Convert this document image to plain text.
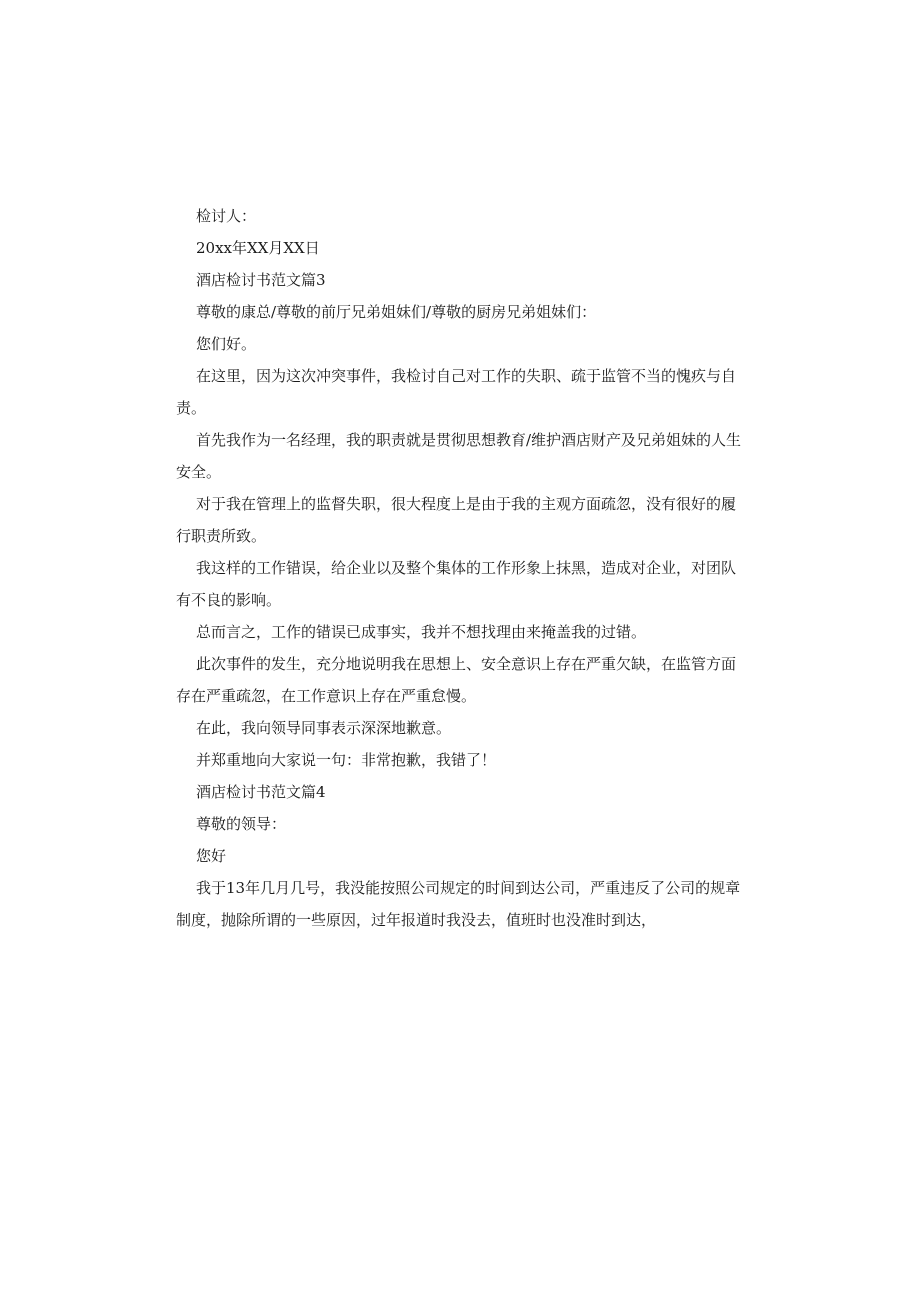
检讨人：
20xx年XX月XX日
酒店检讨书范文篇3
尊敬的康总/尊敬的前厅兄弟姐妹们/尊敬的厨房兄弟姐妹们：
您们好。
在这里，因为这次冲突事件，我检讨自己对工作的失职、疏于监管不当的愧疚与自
责。
首先我作为一名经理，我的职责就是贯彻思想教育/维护酒店财产及兄弟姐妹的人生
安全。
对于我在管理上的监督失职，很大程度上是由于我的主观方面疏忽，没有很好的履
行职责所致。
我这样的工作错误，给企业以及整个集体的工作形象上抹黑，造成对企业，对团队
有不良的影响。
总而言之，工作的错误已成事实，我并不想找理由来掩盖我的过错。
此次事件的发生，充分地说明我在思想上、安全意识上存在严重欠缺，在监管方面
存在严重疏忽，在工作意识上存在严重怠慢。
在此，我向领导同事表示深深地歉意。
并郑重地向大家说一句：非常抱歉，我错了！
酒店检讨书范文篇4
尊敬的领导：
您好
我于13年几月几号，我没能按照公司规定的时间到达公司，严重违反了公司的规章
制度，抛除所谓的一些原因，过年报道时我没去，值班时也没准时到达，
